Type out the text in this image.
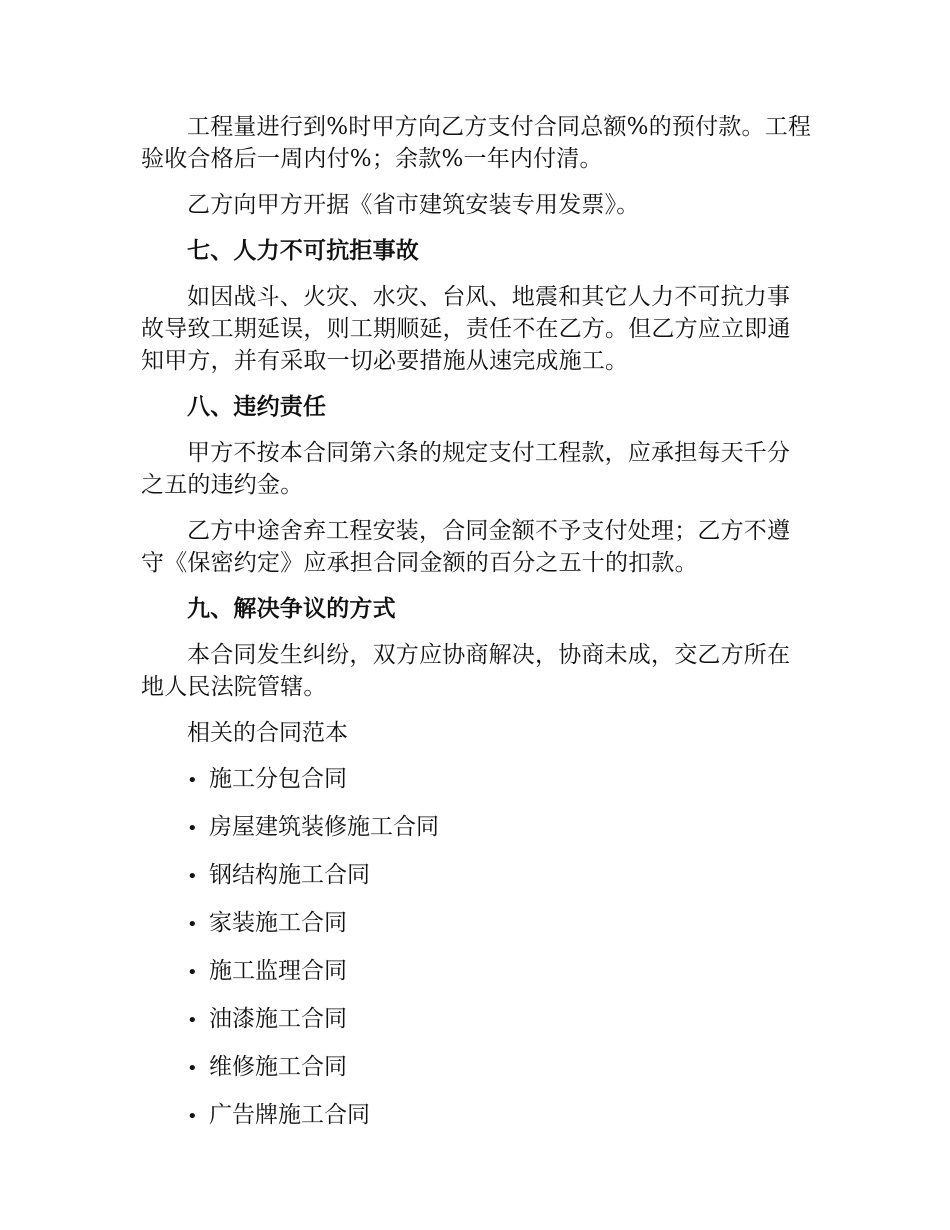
工程量进行到%时甲方向乙方支付合同总额%的预付款。工程验收合格后一周内付%；余款%一年内付清。

乙方向甲方开据《省市建筑安装专用发票》。

七、人力不可抗拒事故

如因战斗、火灾、水灾、台风、地震和其它人力不可抗力事故导致工期延误，则工期顺延，责任不在乙方。但乙方应立即通知甲方，并有采取一切必要措施从速完成施工。

八、违约责任

甲方不按本合同第六条的规定支付工程款，应承担每天千分之五的违约金。

乙方中途舍弃工程安装，合同金额不予支付处理；乙方不遵守《保密约定》应承担合同金额的百分之五十的扣款。

九、解决争议的方式

本合同发生纠纷，双方应协商解决，协商未成，交乙方所在地人民法院管辖。

相关的合同范本

• 施工分包合同
• 房屋建筑装修施工合同
• 钢结构施工合同
• 家装施工合同
• 施工监理合同
• 油漆施工合同
• 维修施工合同
• 广告牌施工合同
